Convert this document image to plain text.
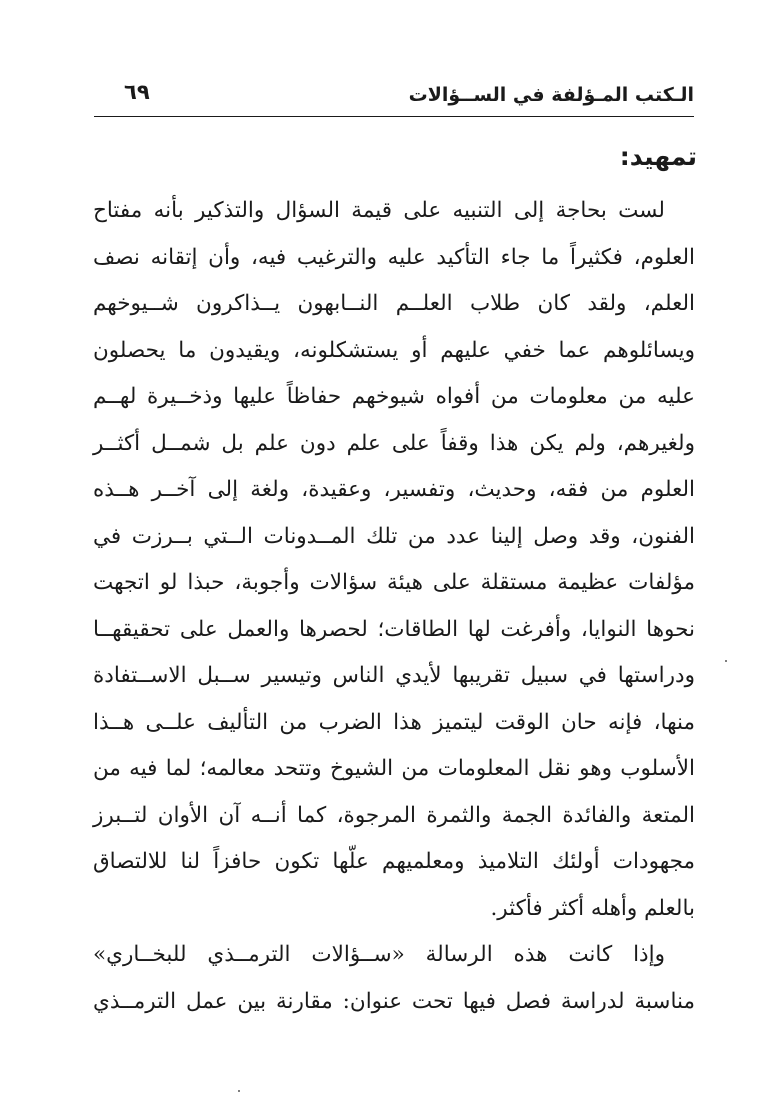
الـكتب المـؤلفة في الســؤالات
٦٩
تمهيد:

لست بحاجة إلى التنبيه على قيمة السؤال والتذكير بأنه مفتاح

العلوم، فكثيراً ما جاء التأكيد عليه والترغيب فيه، وأن إتقانه نصف

العلم، ولقد كان طلاب العلــم النــابهون يــذاكرون شــيوخهم

ويسائلوهم عما خفي عليهم أو يستشكلونه، ويقيدون ما يحصلون

عليه من معلومات من أفواه شيوخهم حفاظاً عليها وذخــيرة لهــم

ولغيرهم، ولم يكن هذا وقفاً على علم دون علم بل شمــل أكثــر

العلوم من فقه، وحديث، وتفسير، وعقيدة، ولغة إلى آخــر هــذه

الفنون، وقد وصل إلينا عدد من تلك المــدونات الــتي بــرزت في

مؤلفات عظيمة مستقلة على هيئة سؤالات وأجوبة، حبذا لو اتجهت

نحوها النوايا، وأفرغت لها الطاقات؛ لحصرها والعمل على تحقيقهــا

ودراستها في سبيل تقريبها لأيدي الناس وتيسير ســبل الاســتفادة

منها، فإنه حان الوقت ليتميز هذا الضرب من التأليف علــى هــذا

الأسلوب وهو نقل المعلومات من الشيوخ وتتحد معالمه؛ لما فيه من

المتعة والفائدة الجمة والثمرة المرجوة، كما أنــه آن الأوان لتــبرز

مجهودات أولئك التلاميذ ومعلميهم علّها تكون حافزاً لنا للالتصاق

بالعلم وأهله أكثر فأكثر.

وإذا كانت هذه الرسالة «ســؤالات الترمــذي للبخــاري»

مناسبة لدراسة فصل فيها تحت عنوان: مقارنة بين عمل الترمــذي
